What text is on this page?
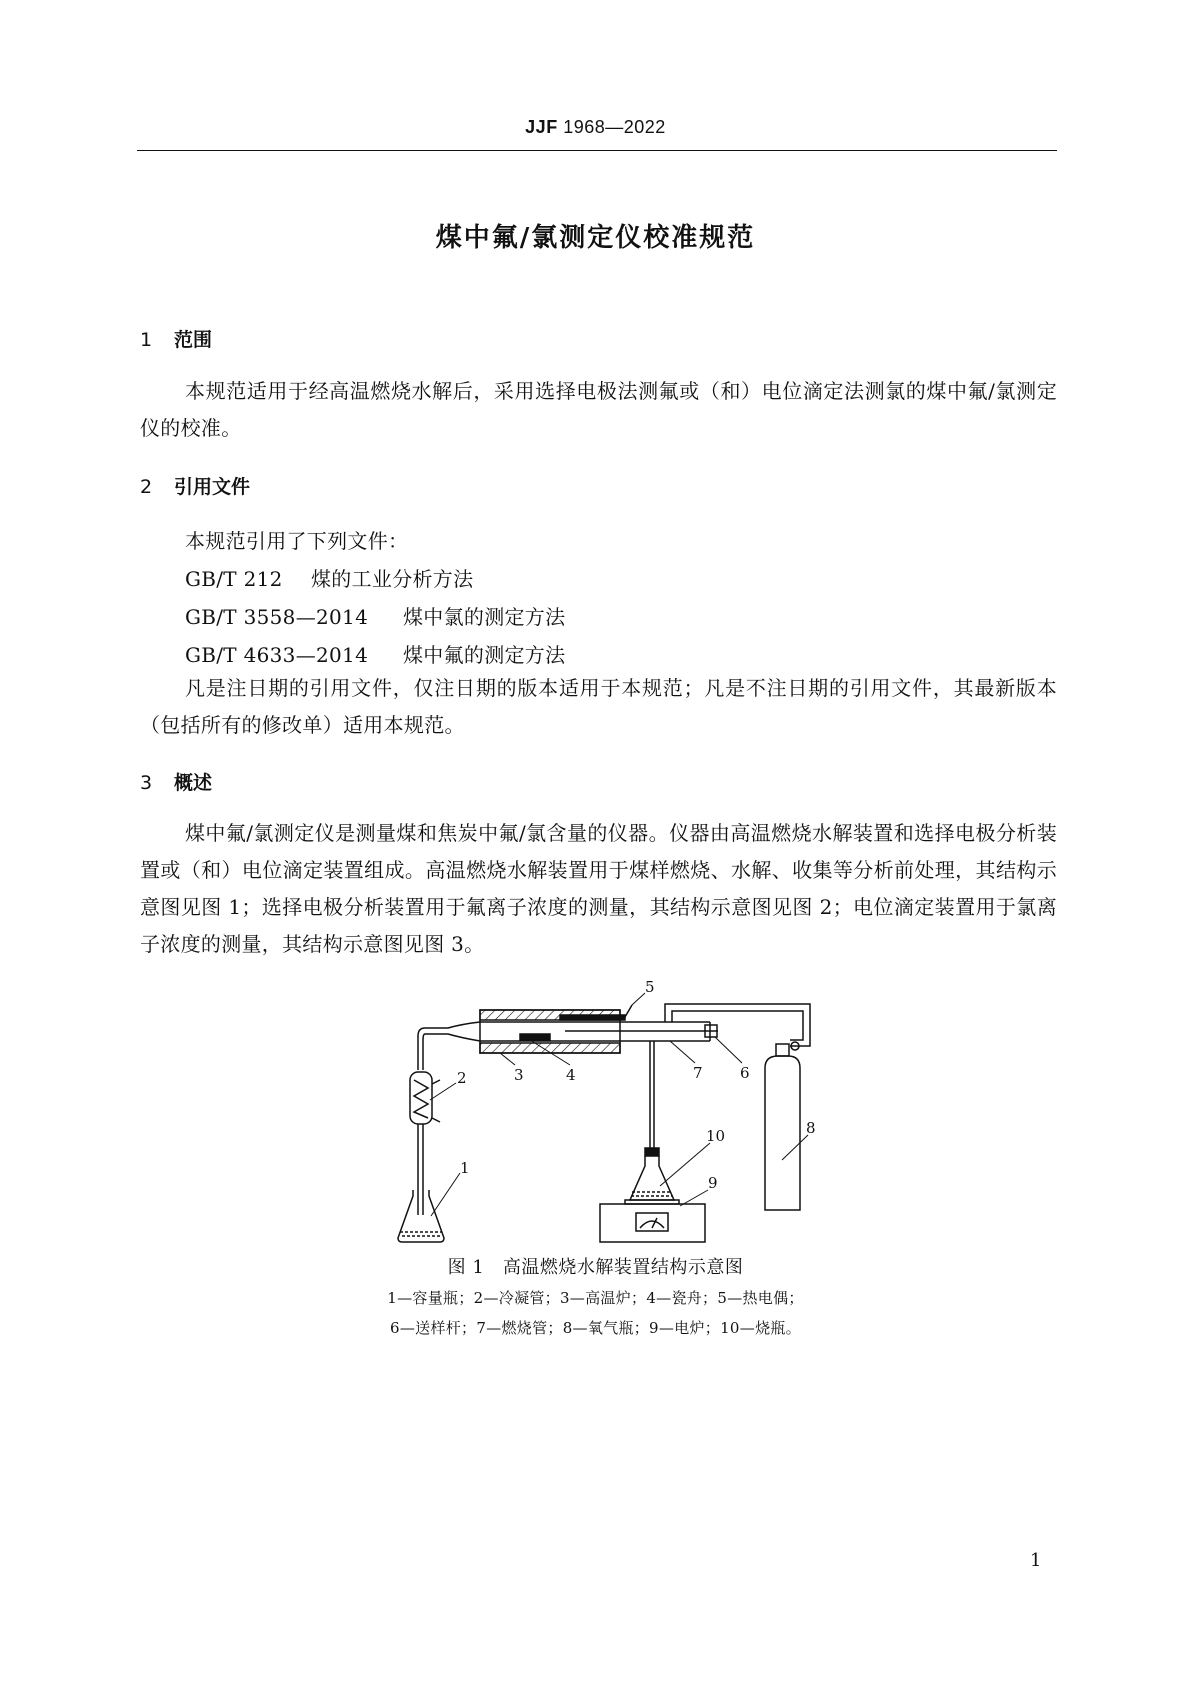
JJF 1968—2022
煤中氟/氯测定仪校准规范
1 范围
本规范适用于经高温燃烧水解后，采用选择电极法测氟或（和）电位滴定法测氯的煤中氟/氯测定仪的校准。
2 引用文件
本规范引用了下列文件：
GB/T 212 煤的工业分析方法
GB/T 3558—2014 煤中氯的测定方法
GB/T 4633—2014 煤中氟的测定方法
凡是注日期的引用文件，仅注日期的版本适用于本规范；凡是不注日期的引用文件，其最新版本（包括所有的修改单）适用本规范。
3 概述
煤中氟/氯测定仪是测量煤和焦炭中氟/氯含量的仪器。仪器由高温燃烧水解装置和选择电极分析装置或（和）电位滴定装置组成。高温燃烧水解装置用于煤样燃烧、水解、收集等分析前处理，其结构示意图见图 1；选择电极分析装置用于氟离子浓度的测量，其结构示意图见图 2；电位滴定装置用于氯离子浓度的测量，其结构示意图见图 3。
1
2	3	4
5
6
7
8
9
10
图 1　高温燃烧水解装置结构示意图
1—容量瓶；2—冷凝管；3—高温炉；4—瓷舟；5—热电偶；
6—送样杆；7—燃烧管；8—氧气瓶；9—电炉；10—烧瓶。
1
